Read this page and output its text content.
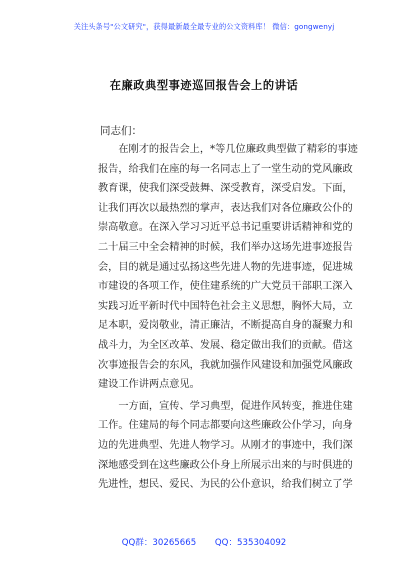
关注头条号"公文研究"，获得最新最全最专业的公文资料库！ 微信：gongwenyj
在廉政典型事迹巡回报告会上的讲话
同志们：
　　在刚才的报告会上，*等几位廉政典型做了精彩的事迹
报告，给我们在座的每一名同志上了一堂生动的党风廉政
教育课，使我们深受鼓舞、深受教育，深受启发。下面，
让我们再次以最热烈的掌声，表达我们对各位廉政公仆的
崇高敬意。在深入学习习近平总书记重要讲话精神和党的
二十届三中全会精神的时候，我们举办这场先进事迹报告
会，目的就是通过弘扬这些先进人物的先进事迹，促进城
市建设的各项工作，使住建系统的广大党员干部职工深入
实践习近平新时代中国特色社会主义思想，胸怀大局，立
足本职，爱岗敬业，清正廉洁，不断提高自身的凝聚力和
战斗力，为全区改革、发展、稳定做出我们的贡献。借这
次事迹报告会的东风，我就加强作风建设和加强党风廉政
建设工作讲两点意见。
　　一方面，宣传、学习典型，促进作风转变，推进住建
工作。住建局的每个同志都要向这些廉政公仆学习，向身
边的先进典型、先进人物学习。从刚才的事迹中，我们深
深地感受到在这些廉政公仆身上所展示出来的与时俱进的
先进性，想民、爱民、为民的公仆意识，给我们树立了学
QQ群：30265665 QQ：535304092
